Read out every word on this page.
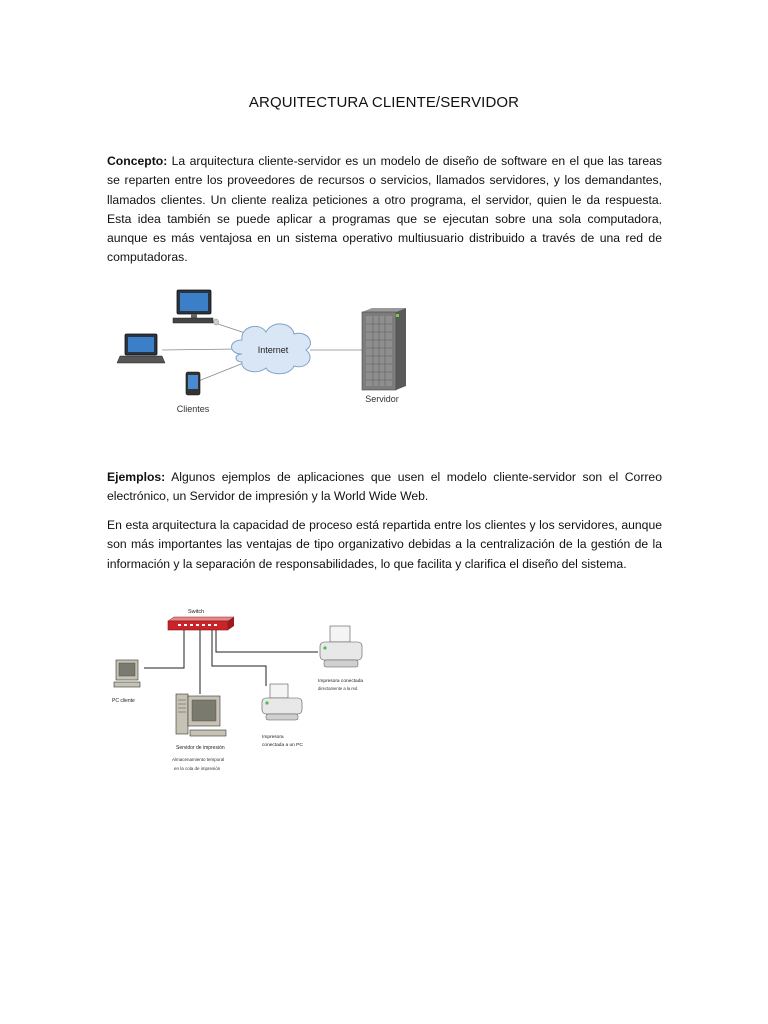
ARQUITECTURA CLIENTE/SERVIDOR
Concepto: La arquitectura cliente-servidor es un modelo de diseño de software en el que las tareas se reparten entre los proveedores de recursos o servicios, llamados servidores, y los demandantes, llamados clientes. Un cliente realiza peticiones a otro programa, el servidor, quien le da respuesta. Esta idea también se puede aplicar a programas que se ejecutan sobre una sola computadora, aunque es más ventajosa en un sistema operativo multiusuario distribuido a través de una red de computadoras.
Internet
Clientes
Servidor
Ejemplos: Algunos ejemplos de aplicaciones que usen el modelo cliente-servidor son el Correo electrónico, un Servidor de impresión y la World Wide Web.
En esta arquitectura la capacidad de proceso está repartida entre los clientes y los servidores, aunque son más importantes las ventajas de tipo organizativo debidas a la centralización de la gestión de la información y la separación de responsabilidades, lo que facilita y clarifica el diseño del sistema.
Switch
PC cliente
Servidor de impresión
Almacenamiento temporal
en la cola de impresión
Impresora
conectada a un PC
Impresora conectada
directamente a la red
